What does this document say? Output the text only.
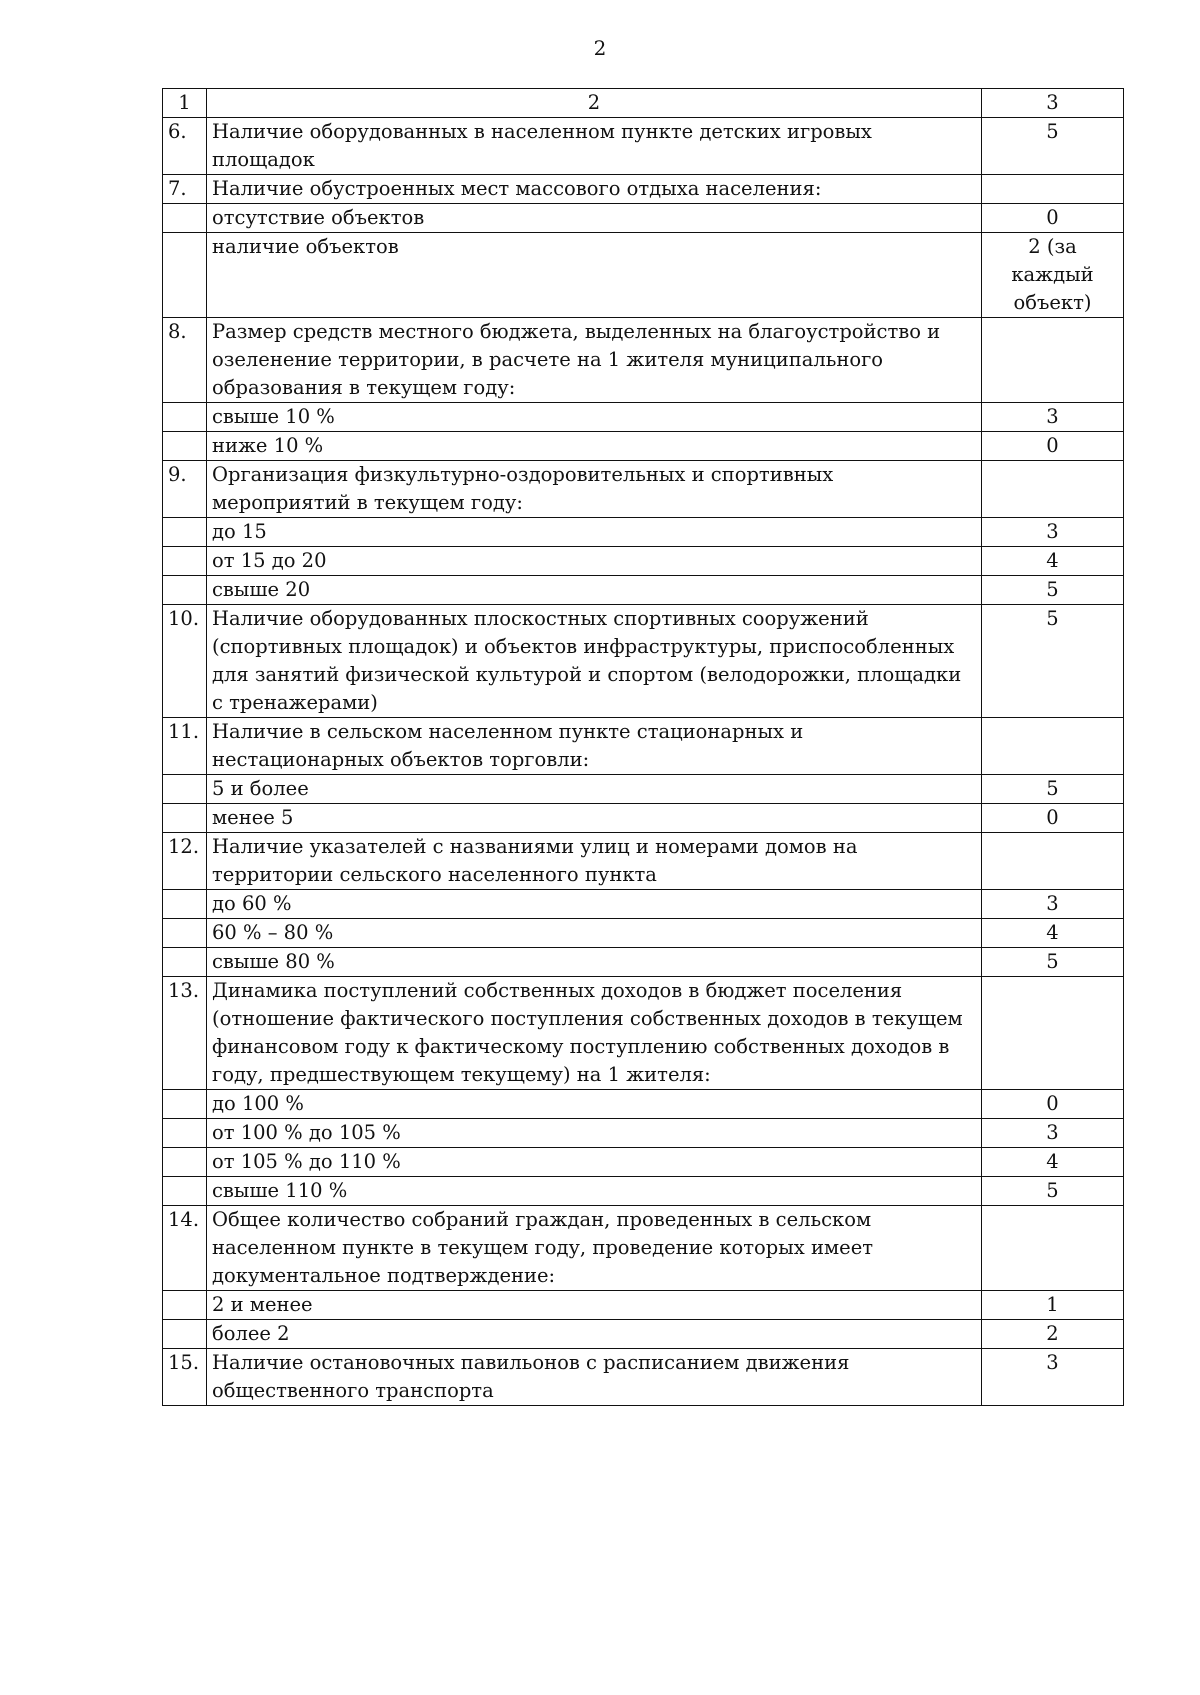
2
1	2	3
6.	Наличие оборудованных в населенном пункте детских игровых площадок	5
7.	Наличие обустроенных мест массового отдыха населения:	
	отсутствие объектов	0
	наличие объектов	2 (за каждый объект)
8.	Размер средств местного бюджета, выделенных на благоустройство и озеленение территории, в расчете на 1 жителя муниципального образования в текущем году:	
	свыше 10 %	3
	ниже 10 %	0
9.	Организация физкультурно-оздоровительных и спортивных мероприятий в текущем году:	
	до 15	3
	от 15 до 20	4
	свыше 20	5
10.	Наличие оборудованных плоскостных спортивных сооружений (спортивных площадок) и объектов инфраструктуры, приспособленных для занятий физической культурой и спортом (велодорожки, площадки с тренажерами)	5
11.	Наличие в сельском населенном пункте стационарных и нестационарных объектов торговли:	
	5 и более	5
	менее 5	0
12.	Наличие указателей с названиями улиц и номерами домов на территории сельского населенного пункта	
	до 60 %	3
	60 % – 80 %	4
	свыше 80 %	5
13.	Динамика поступлений собственных доходов в бюджет поселения (отношение фактического поступления собственных доходов в текущем финансовом году к фактическому поступлению собственных доходов в году, предшествующем текущему) на 1 жителя:	
	до 100 %	0
	от 100 % до 105 %	3
	от 105 % до 110 %	4
	свыше 110 %	5
14.	Общее количество собраний граждан, проведенных в сельском населенном пункте в текущем году, проведение которых имеет документальное подтверждение:	
	2 и менее	1
	более 2	2
15.	Наличие остановочных павильонов с расписанием движения общественного транспорта	3
